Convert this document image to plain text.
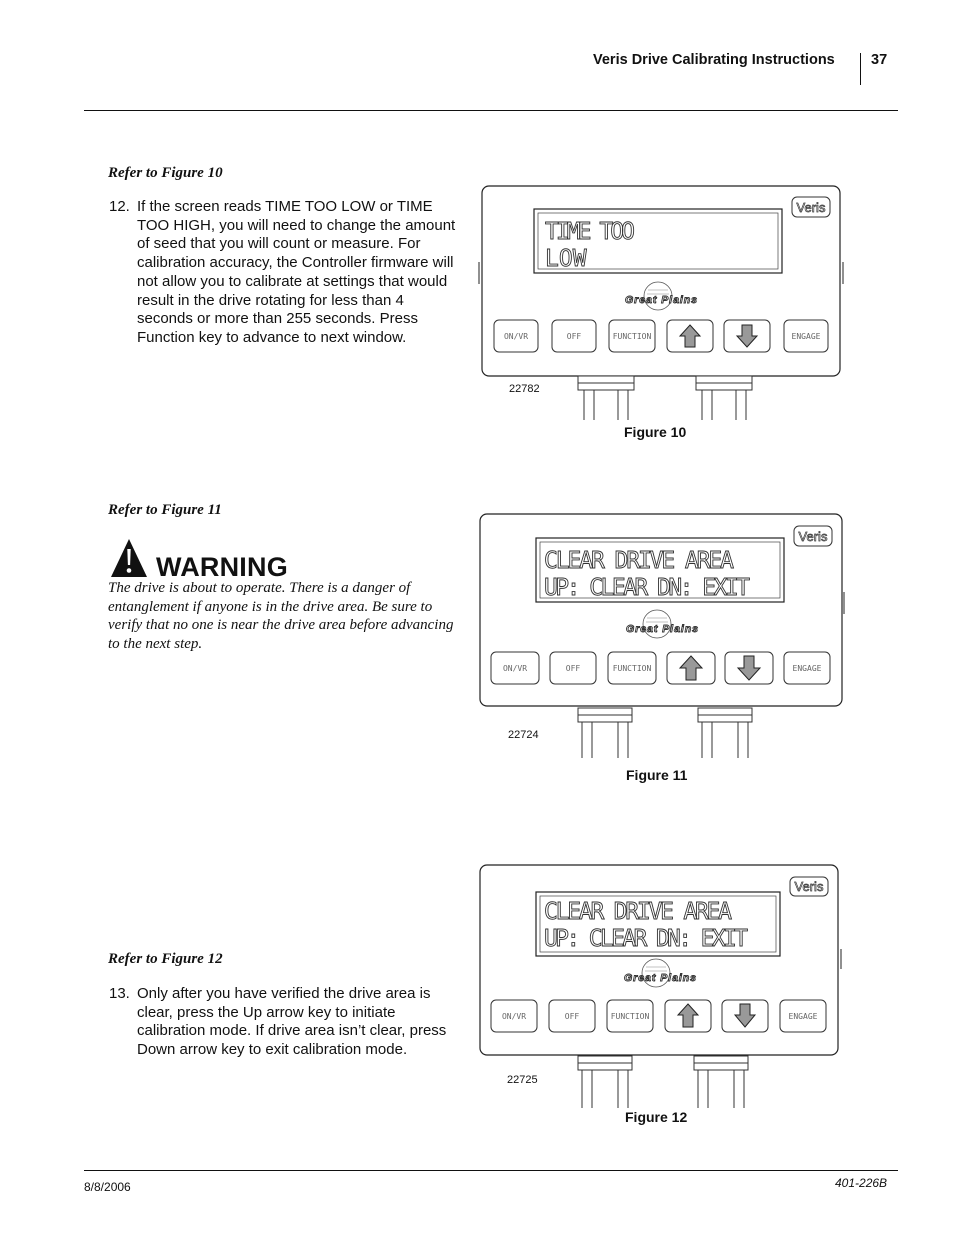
Veris Drive Calibrating Instructions	37
Refer to Figure 10
12. If the screen reads TIME TOO LOW or TIME TOO HIGH, you will need to change the amount of seed that you will count or measure. For calibration accuracy, the Controller firmware will not allow you to calibrate at settings that would result in the drive rotating for less than 4 seconds or more than 255 seconds. Press Function key to advance to next window.
Refer to Figure 11
WARNING
The drive is about to operate. There is a danger of entanglement if anyone is in the drive area. Be sure to verify that no one is near the drive area before advancing to the next step.
Refer to Figure 12
13. Only after you have verified the drive area is clear, press the Up arrow key to initiate calibration mode. If drive area isn’t clear, press Down arrow key to exit calibration mode.
Veris
TIME TOO
LOW
Great Plains
ON/VR	OFF	FUNCTION	ENGAGE
22782
Figure 10
Veris
CLEAR DRIVE AREA
UP: CLEAR DN: EXIT
Great Plains
ON/VR	OFF	FUNCTION	ENGAGE
22724
Figure 11
Veris
CLEAR DRIVE AREA
UP: CLEAR DN: EXIT
Great Plains
ON/VR	OFF	FUNCTION	ENGAGE
22725
Figure 12
8/8/2006	401-226B
